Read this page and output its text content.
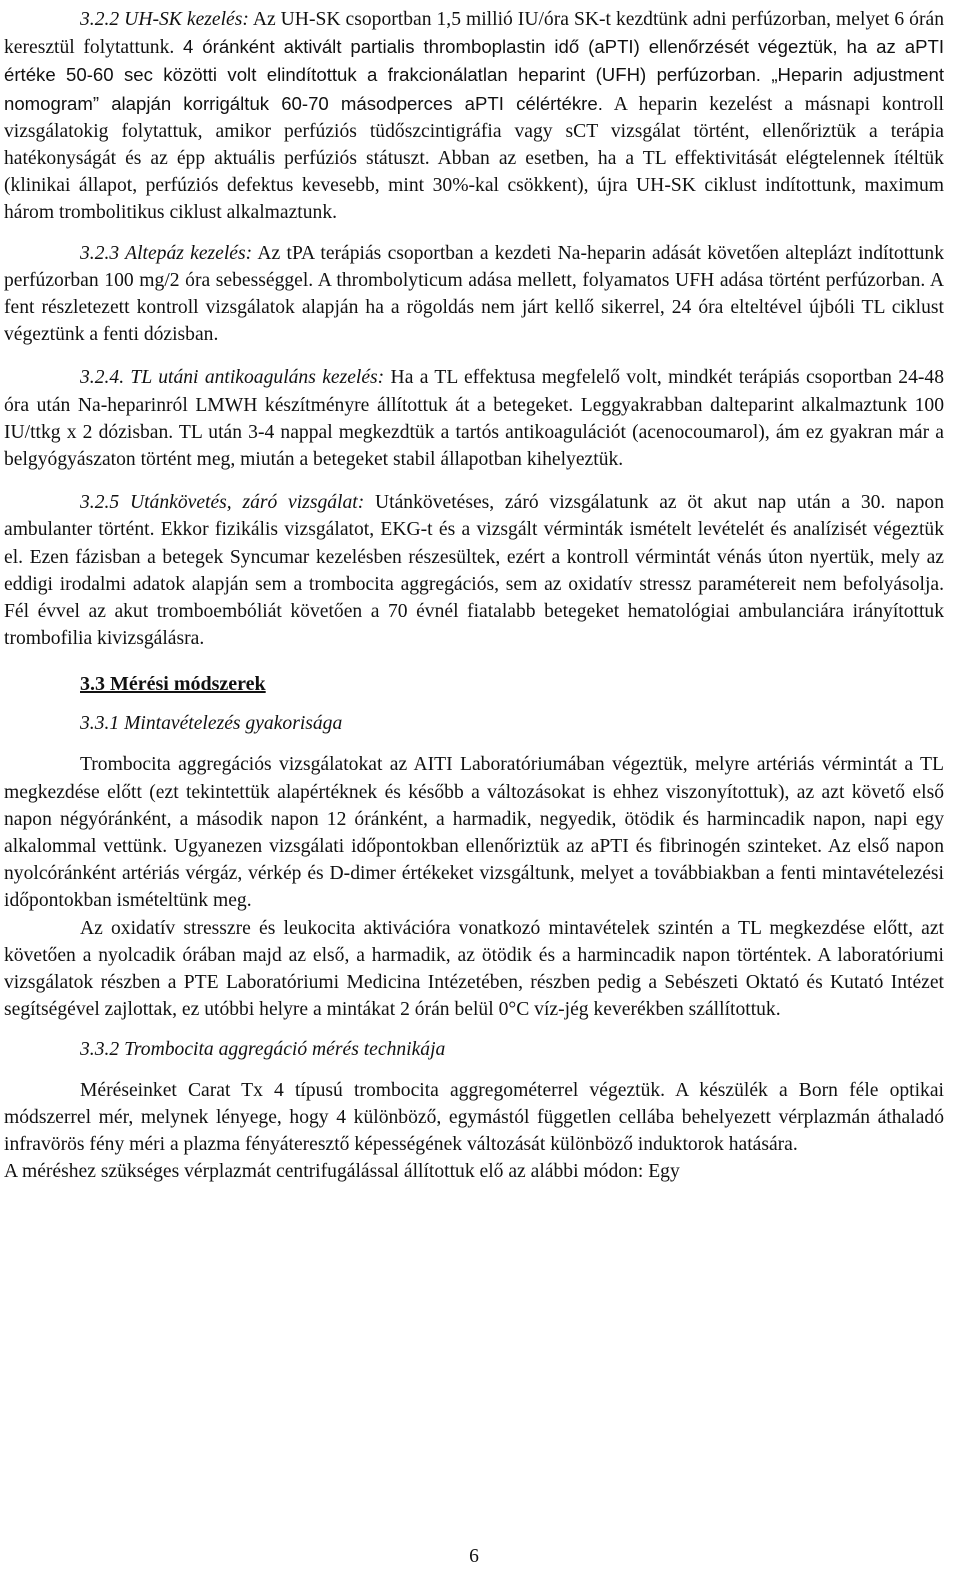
3.2.2 UH-SK kezelés: Az UH-SK csoportban 1,5 millió IU/óra SK-t kezdtünk adni perfúzorban, melyet 6 órán keresztül folytattunk. 4 óránként aktivált partialis thromboplastin idő (aPTI) ellenőrzését végeztük, ha az aPTI értéke 50-60 sec közötti volt elindítottuk a frakcionálatlan heparint (UFH) perfúzorban. „Heparin adjustment nomogram” alapján korrigáltuk 60-70 másodperces aPTI célértékre. A heparin kezelést a másnapi kontroll vizsgálatokig folytattuk, amikor perfúziós tüdőszcintigráfia vagy sCT vizsgálat történt, ellenőriztük a terápia hatékonyságát és az épp aktuális perfúziós státuszt. Abban az esetben, ha a TL effektivitását elégtelennek ítéltük (klinikai állapot, perfúziós defektus kevesebb, mint 30%-kal csökkent), újra UH-SK ciklust indítottunk, maximum három trombolitikus ciklust alkalmaztunk.

3.2.3 Altepáz kezelés: Az tPA terápiás csoportban a kezdeti Na-heparin adását követően alteplázt indítottunk perfúzorban 100 mg/2 óra sebességgel. A thrombolyticum adása mellett, folyamatos UFH adása történt perfúzorban. A fent részletezett kontroll vizsgálatok alapján ha a rögoldás nem járt kellő sikerrel, 24 óra elteltével újbóli TL ciklust végeztünk a fenti dózisban.

3.2.4. TL utáni antikoaguláns kezelés: Ha a TL effektusa megfelelő volt, mindkét terápiás csoportban 24-48 óra után Na-heparinról LMWH készítményre állítottuk át a betegeket. Leggyakrabban dalteparint alkalmaztunk 100 IU/ttkg x 2 dózisban. TL után 3-4 nappal megkezdtük a tartós antikoagulációt (acenocoumarol), ám ez gyakran már a belgyógyászaton történt meg, miután a betegeket stabil állapotban kihelyeztük.

3.2.5 Utánkövetés, záró vizsgálat: Utánkövetéses, záró vizsgálatunk az öt akut nap után a 30. napon ambulanter történt. Ekkor fizikális vizsgálatot, EKG-t és a vizsgált vérminták ismételt levételét és analízisét végeztük el. Ezen fázisban a betegek Syncumar kezelésben részesültek, ezért a kontroll vérmintát vénás úton nyertük, mely az eddigi irodalmi adatok alapján sem a trombocita aggregációs, sem az oxidatív stressz paramétereit nem befolyásolja. Fél évvel az akut tromboembóliát követően a 70 évnél fiatalabb betegeket hematológiai ambulanciára irányítottuk trombofilia kivizsgálásra.

3.3 Mérési módszerek
3.3.1 Mintavételezés gyakorisága

Trombocita aggregációs vizsgálatokat az AITI Laboratóriumában végeztük, melyre artériás vérmintát a TL megkezdése előtt (ezt tekintettük alapértéknek és később a változásokat is ehhez viszonyítottuk), az azt követő első napon négyóránként, a második napon 12 óránként, a harmadik, negyedik, ötödik és harmincadik napon, napi egy alkalommal vettünk. Ugyanezen vizsgálati időpontokban ellenőriztük az aPTI és fibrinogén szinteket. Az első napon nyolcóránként artériás vérgáz, vérkép és D-dimer értékeket vizsgáltunk, melyet a továbbiakban a fenti mintavételezési időpontokban ismételtünk meg.

Az oxidatív stresszre és leukocita aktivációra vonatkozó mintavételek szintén a TL megkezdése előtt, azt követően a nyolcadik órában majd az első, a harmadik, az ötödik és a harmincadik napon történtek. A laboratóriumi vizsgálatok részben a PTE Laboratóriumi Medicina Intézetében, részben pedig a Sebészeti Oktató és Kutató Intézet segítségével zajlottak, ez utóbbi helyre a mintákat 2 órán belül 0°C víz-jég keverékben szállítottuk.

3.3.2 Trombocita aggregáció mérés technikája

Méréseinket Carat Tx 4 típusú trombocita aggregométerrel végeztük. A készülék a Born féle optikai módszerrel mér, melynek lényege, hogy 4 különböző, egymástól független cellába behelyezett vérplazmán áthaladó infravörös fény méri a plazma fényáteresztő képességének változását különböző induktorok hatására.

A méréshez szükséges vérplazmát centrifugálással állítottuk elő az alábbi módon: Egy

6
